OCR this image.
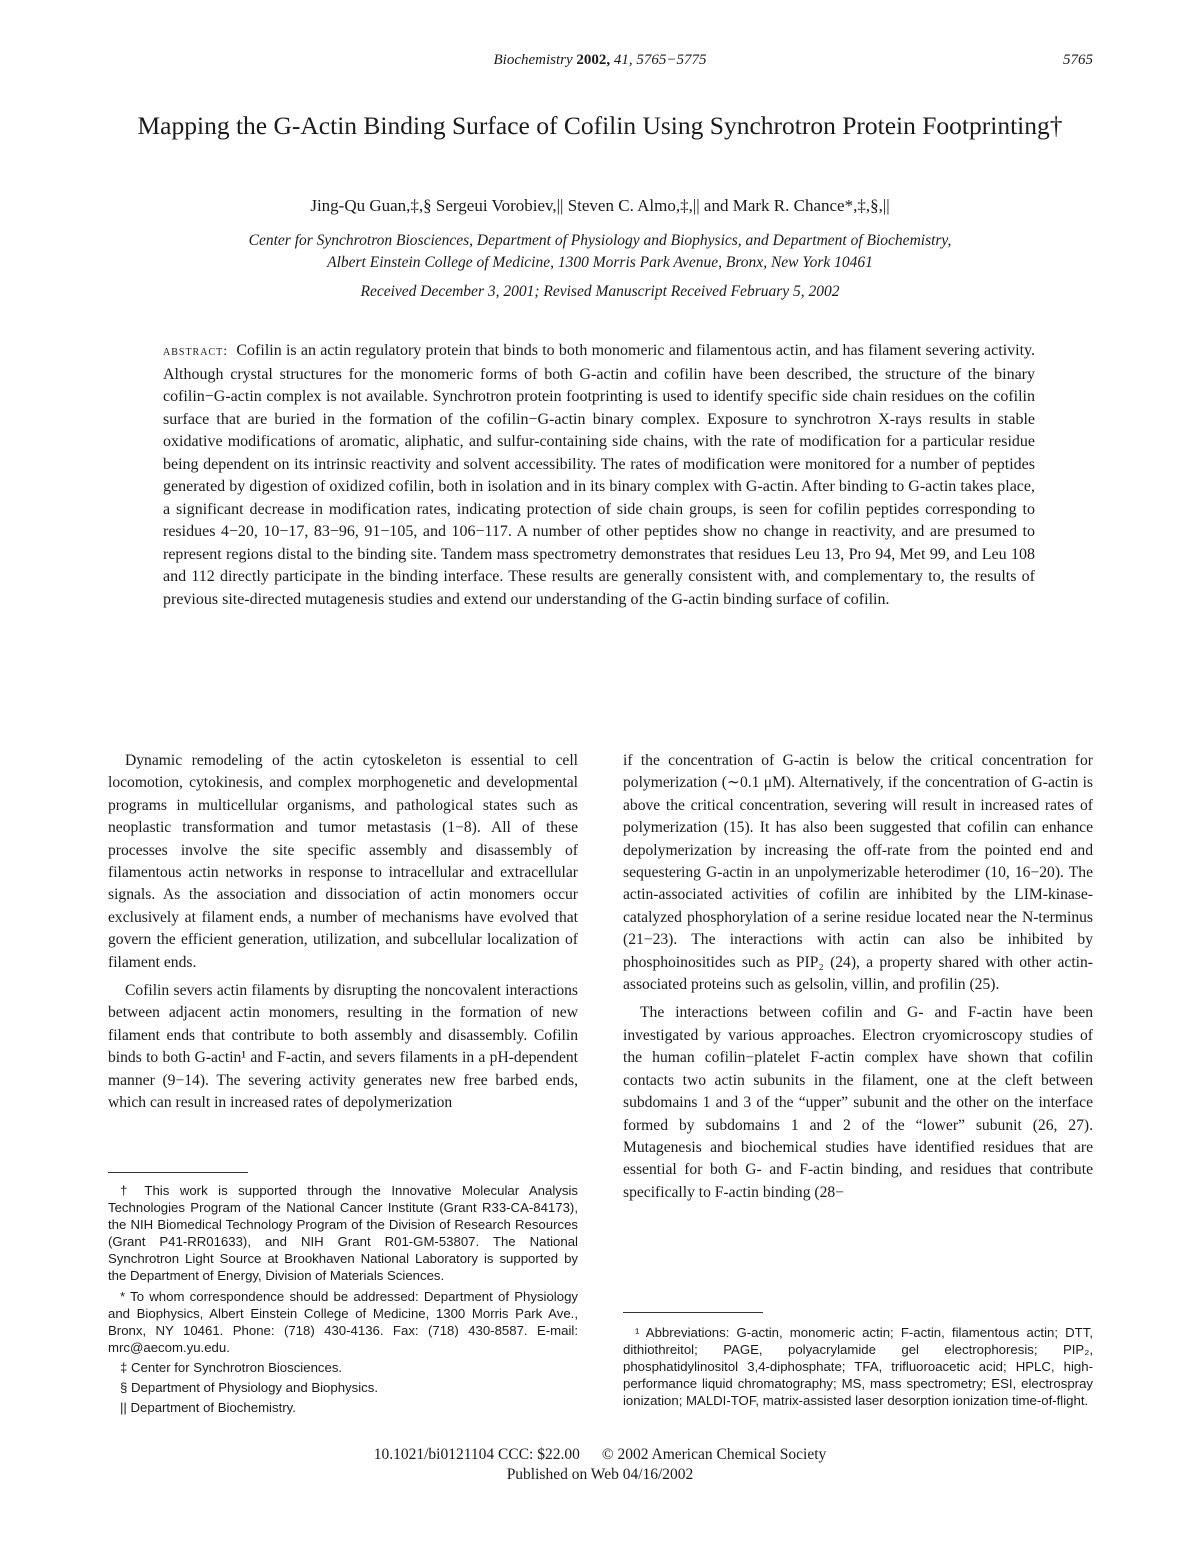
Biochemistry 2002, 41, 5765−5775	5765
Mapping the G-Actin Binding Surface of Cofilin Using Synchrotron Protein Footprinting†
Jing-Qu Guan,‡,§ Sergeui Vorobiev,|| Steven C. Almo,‡,|| and Mark R. Chance*,‡,§,||
Center for Synchrotron Biosciences, Department of Physiology and Biophysics, and Department of Biochemistry,
Albert Einstein College of Medicine, 1300 Morris Park Avenue, Bronx, New York 10461
Received December 3, 2001; Revised Manuscript Received February 5, 2002

abstract: Cofilin is an actin regulatory protein that binds to both monomeric and filamentous actin, and has filament severing activity. Although crystal structures for the monomeric forms of both G-actin and cofilin have been described, the structure of the binary cofilin−G-actin complex is not available. Synchrotron protein footprinting is used to identify specific side chain residues on the cofilin surface that are buried in the formation of the cofilin−G-actin binary complex. Exposure to synchrotron X-rays results in stable oxidative modifications of aromatic, aliphatic, and sulfur-containing side chains, with the rate of modification for a particular residue being dependent on its intrinsic reactivity and solvent accessibility. The rates of modification were monitored for a number of peptides generated by digestion of oxidized cofilin, both in isolation and in its binary complex with G-actin. After binding to G-actin takes place, a significant decrease in modification rates, indicating protection of side chain groups, is seen for cofilin peptides corresponding to residues 4−20, 10−17, 83−96, 91−105, and 106−117. A number of other peptides show no change in reactivity, and are presumed to represent regions distal to the binding site. Tandem mass spectrometry demonstrates that residues Leu 13, Pro 94, Met 99, and Leu 108 and 112 directly participate in the binding interface. These results are generally consistent with, and complementary to, the results of previous site-directed mutagenesis studies and extend our understanding of the G-actin binding surface of cofilin.

Dynamic remodeling of the actin cytoskeleton is essential to cell locomotion, cytokinesis, and complex morphogenetic and developmental programs in multicellular organisms, and pathological states such as neoplastic transformation and tumor metastasis (1−8). All of these processes involve the site specific assembly and disassembly of filamentous actin networks in response to intracellular and extracellular signals. As the association and dissociation of actin monomers occur exclusively at filament ends, a number of mechanisms have evolved that govern the efficient generation, utilization, and subcellular localization of filament ends.

Cofilin severs actin filaments by disrupting the noncovalent interactions between adjacent actin monomers, resulting in the formation of new filament ends that contribute to both assembly and disassembly. Cofilin binds to both G-actin¹ and F-actin, and severs filaments in a pH-dependent manner (9−14). The severing activity generates new free barbed ends, which can result in increased rates of depolymerization

if the concentration of G-actin is below the critical concentration for polymerization (∼0.1 μM). Alternatively, if the concentration of G-actin is above the critical concentration, severing will result in increased rates of polymerization (15). It has also been suggested that cofilin can enhance depolymerization by increasing the off-rate from the pointed end and sequestering G-actin in an unpolymerizable heterodimer (10, 16−20). The actin-associated activities of cofilin are inhibited by the LIM-kinase-catalyzed phosphorylation of a serine residue located near the N-terminus (21−23). The interactions with actin can also be inhibited by phosphoinositides such as PIP₂ (24), a property shared with other actin-associated proteins such as gelsolin, villin, and profilin (25).

The interactions between cofilin and G- and F-actin have been investigated by various approaches. Electron cryomicroscopy studies of the human cofilin−platelet F-actin complex have shown that cofilin contacts two actin subunits in the filament, one at the cleft between subdomains 1 and 3 of the “upper” subunit and the other on the interface formed by subdomains 1 and 2 of the “lower” subunit (26, 27). Mutagenesis and biochemical studies have identified residues that are essential for both G- and F-actin binding, and residues that contribute specifically to F-actin binding (28−

† This work is supported through the Innovative Molecular Analysis Technologies Program of the National Cancer Institute (Grant R33-CA-84173), the NIH Biomedical Technology Program of the Division of Research Resources (Grant P41-RR01633), and NIH Grant R01-GM-53807. The National Synchrotron Light Source at Brookhaven National Laboratory is supported by the Department of Energy, Division of Materials Sciences.

* To whom correspondence should be addressed: Department of Physiology and Biophysics, Albert Einstein College of Medicine, 1300 Morris Park Ave., Bronx, NY 10461. Phone: (718) 430-4136. Fax: (718) 430-8587. E-mail: mrc@aecom.yu.edu.

‡ Center for Synchrotron Biosciences.

§ Department of Physiology and Biophysics.

|| Department of Biochemistry.

¹ Abbreviations: G-actin, monomeric actin; F-actin, filamentous actin; DTT, dithiothreitol; PAGE, polyacrylamide gel electrophoresis; PIP₂, phosphatidylinositol 3,4-diphosphate; TFA, trifluoroacetic acid; HPLC, high-performance liquid chromatography; MS, mass spectrometry; ESI, electrospray ionization; MALDI-TOF, matrix-assisted laser desorption ionization time-of-flight.

10.1021/bi0121104 CCC: $22.00 © 2002 American Chemical Society
Published on Web 04/16/2002
